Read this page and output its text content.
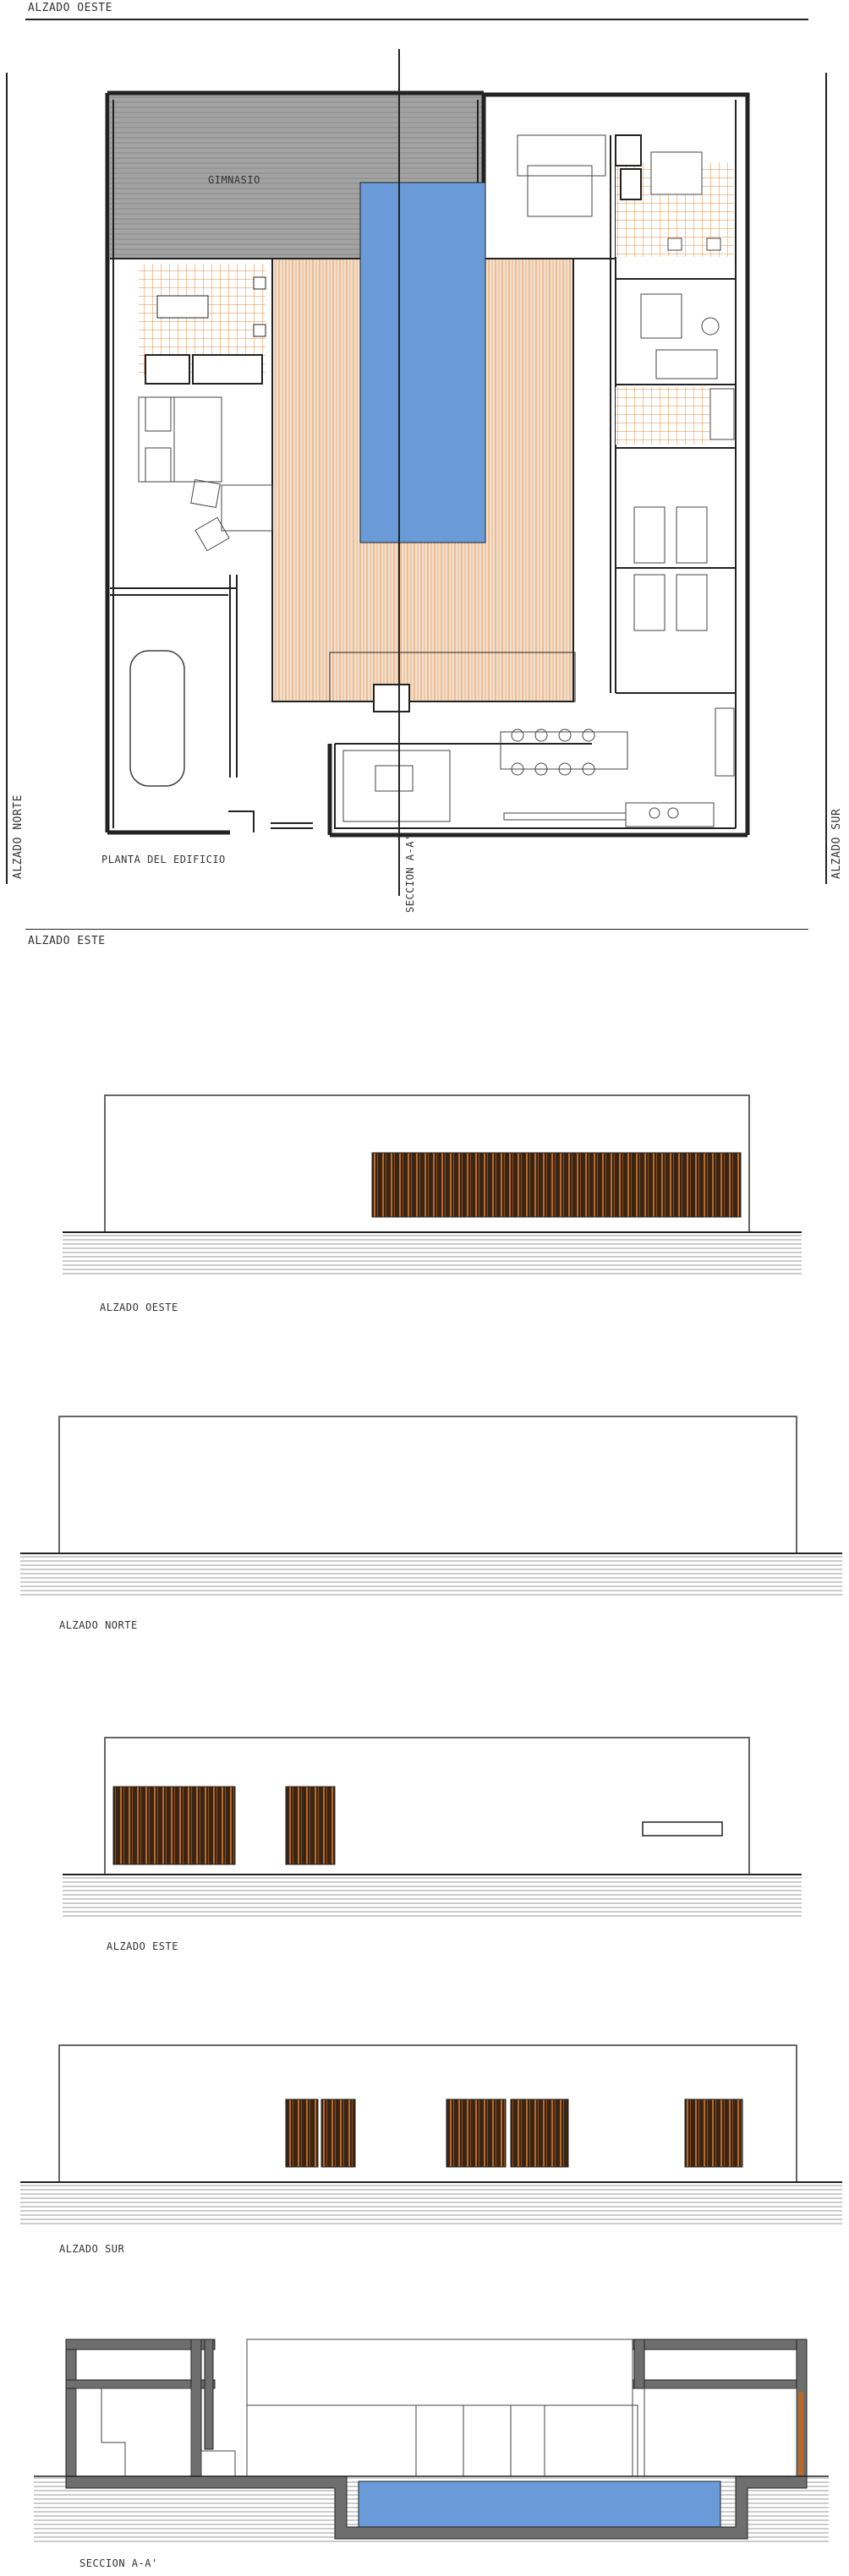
ALZADO OESTE
ALZADO NORTE	ALZADO SUR
GIMNASIO
PLANTA DEL EDIFICIO	SECCION A-A'
ALZADO ESTE
ALZADO OESTE
ALZADO NORTE
ALZADO ESTE
ALZADO SUR
SECCION A-A'
